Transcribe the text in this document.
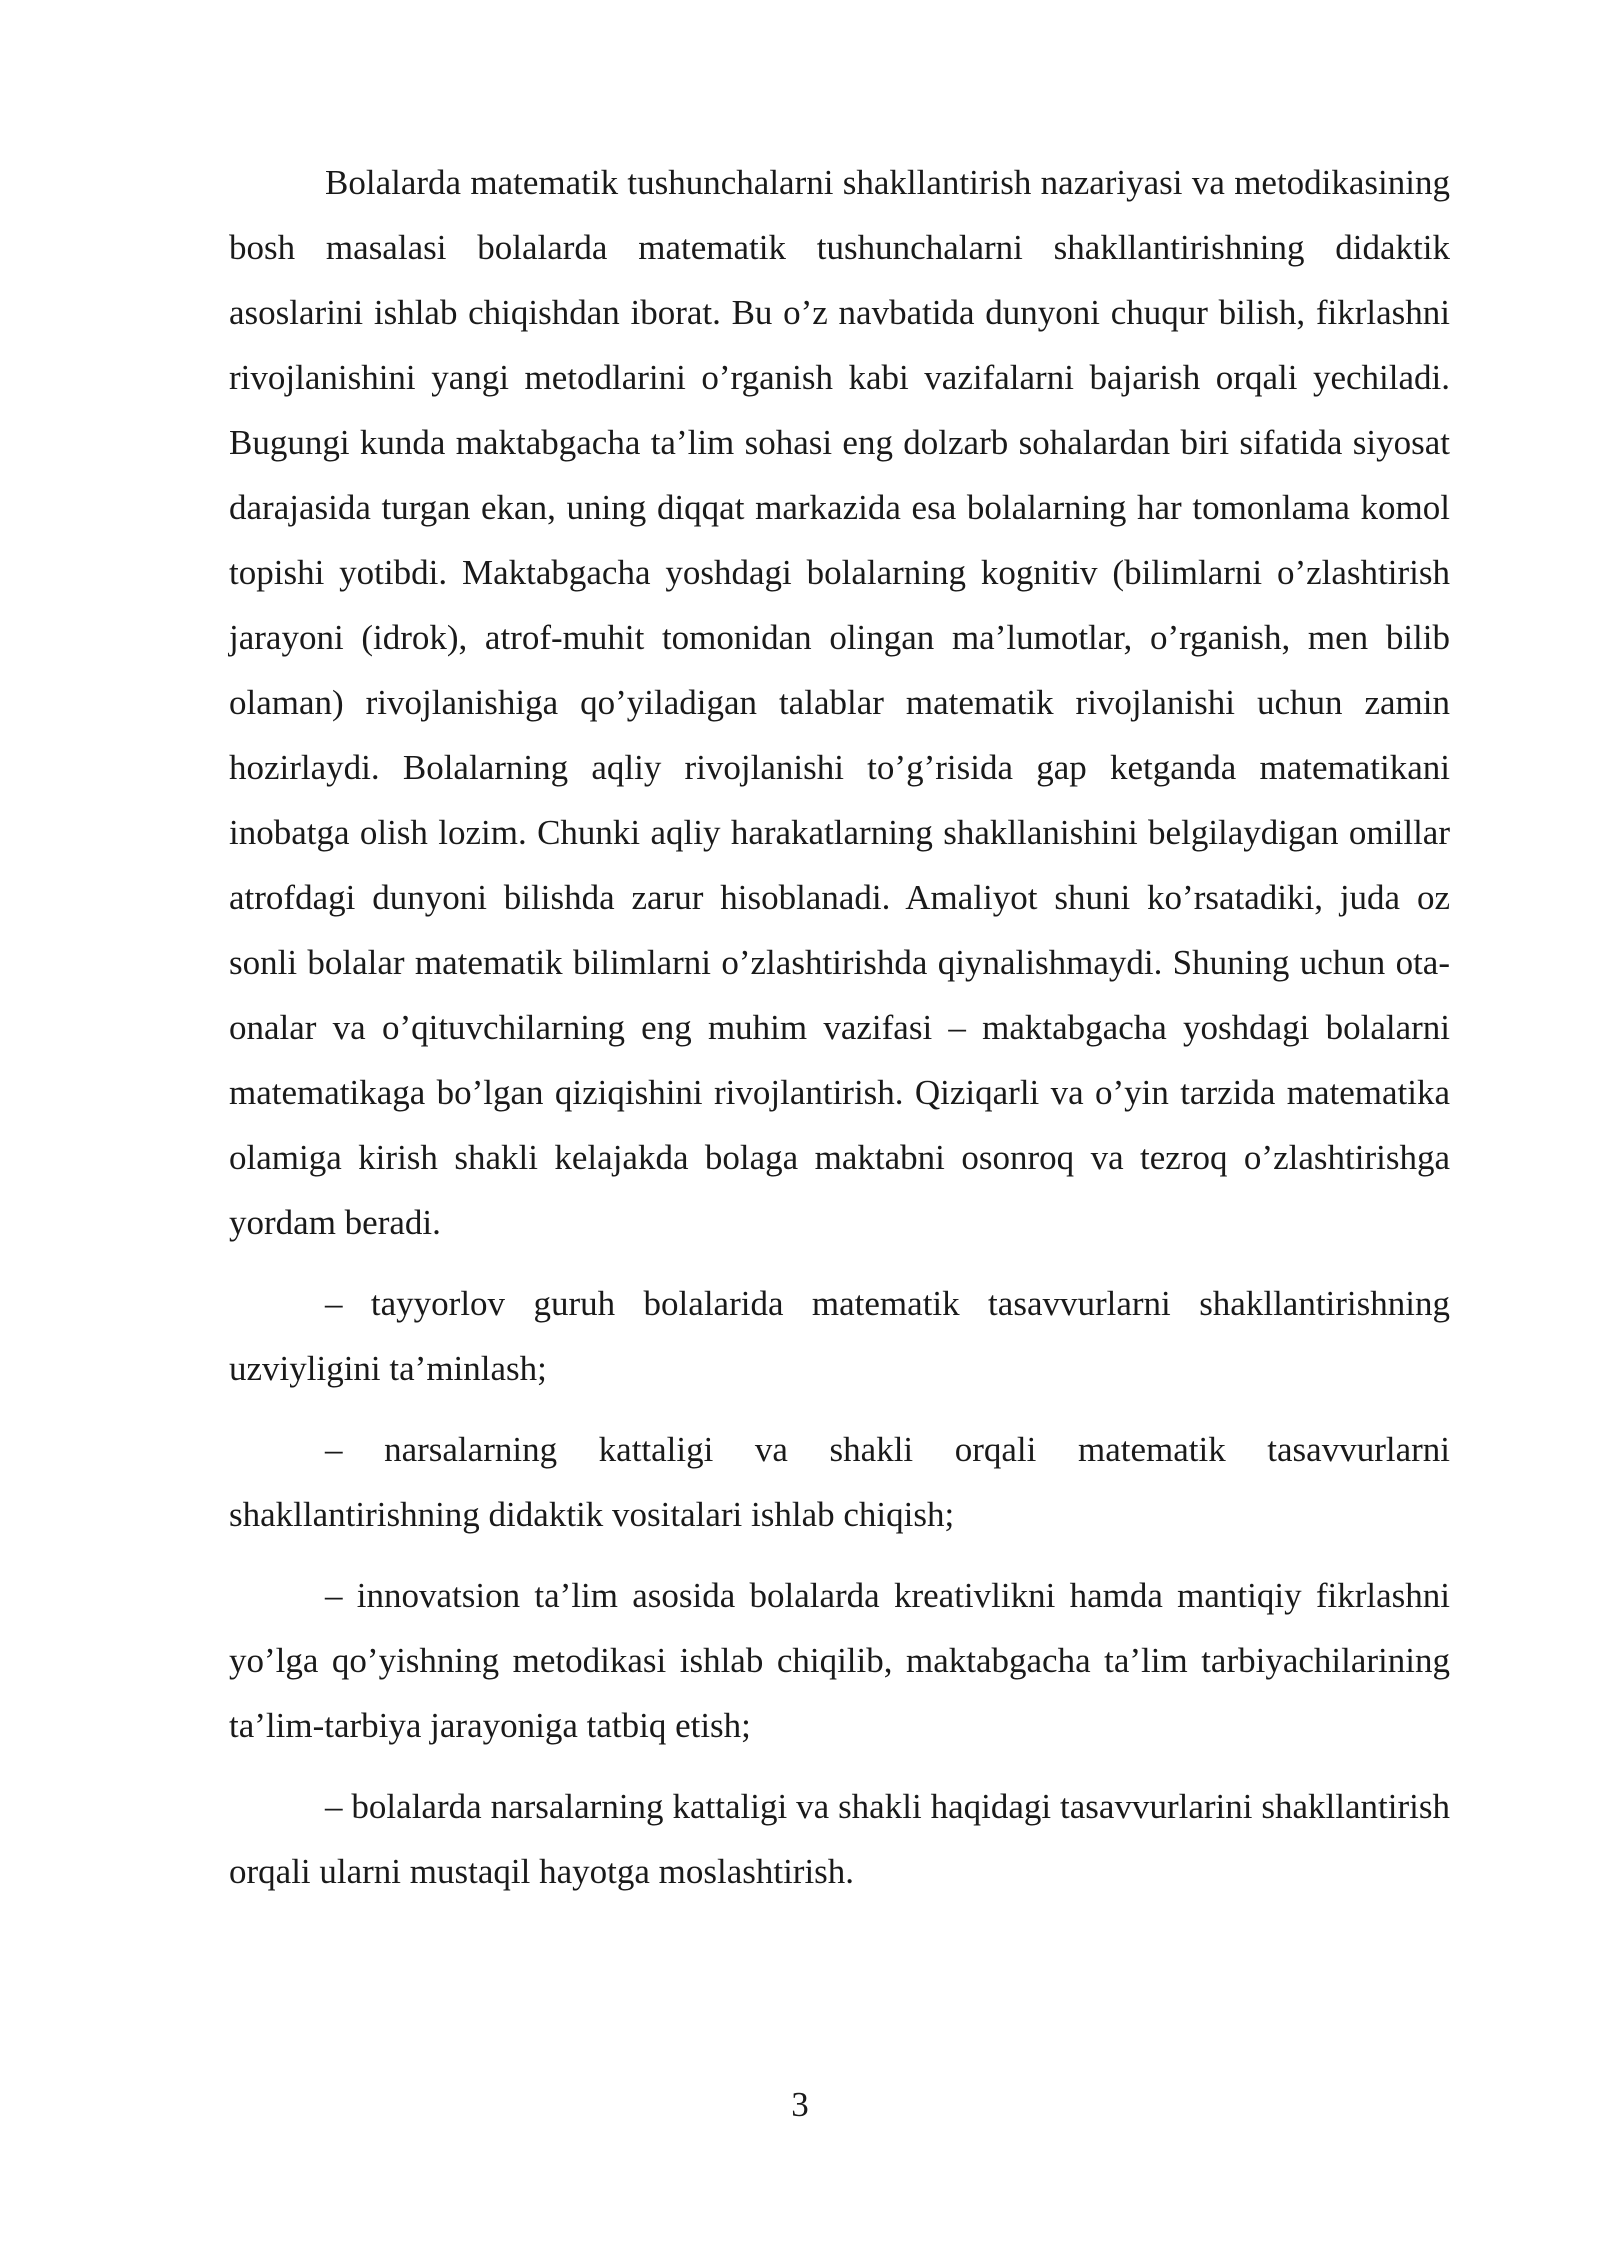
Bolalarda matematik tushunchalarni shakllantirish nazariyasi va metodikasining bosh masalasi bolalarda matematik tushunchalarni shakllantirishning didaktik asoslarini ishlab chiqishdan iborat. Bu o’z navbatida dunyoni chuqur bilish, fikrlashni rivojlanishini yangi metodlarini o’rganish kabi vazifalarni bajarish orqali yechiladi. Bugungi kunda maktabgacha ta’lim sohasi eng dolzarb sohalardan biri sifatida siyosat darajasida turgan ekan, uning diqqat markazida esa bolalarning har tomonlama komol topishi yotibdi. Maktabgacha yoshdagi bolalarning kognitiv (bilimlarni o’zlashtirish jarayoni (idrok), atrof-muhit tomonidan olingan ma’lumotlar, o’rganish, men bilib olaman) rivojlanishiga qo’yiladigan talablar matematik rivojlanishi uchun zamin hozirlaydi. Bolalarning aqliy rivojlanishi to’g’risida gap ketganda matematikani inobatga olish lozim. Chunki aqliy harakatlarning shakllanishini belgilaydigan omillar atrofdagi dunyoni bilishda zarur hisoblanadi. Amaliyot shuni ko’rsatadiki, juda oz sonli bolalar matematik bilimlarni o’zlashtirishda qiynalishmaydi. Shuning uchun ota-onalar va o’qituvchilarning eng muhim vazifasi – maktabgacha yoshdagi bolalarni matematikaga bo’lgan qiziqishini rivojlantirish. Qiziqarli va o’yin tarzida matematika olamiga kirish shakli kelajakda bolaga maktabni osonroq va tezroq o’zlashtirishga yordam beradi.

– tayyorlov guruh bolalarida matematik tasavvurlarni shakllantirishning uzviyligini ta’minlash;

– narsalarning kattaligi va shakli orqali matematik tasavvurlarni shakllantirishning didaktik vositalari ishlab chiqish;

– innovatsion ta’lim asosida bolalarda kreativlikni hamda mantiqiy fikrlashni yo’lga qo’yishning metodikasi ishlab chiqilib, maktabgacha ta’lim tarbiyachilarining ta’lim-tarbiya jarayoniga tatbiq etish;

– bolalarda narsalarning kattaligi va shakli haqidagi tasavvurlarini shakllantirish orqali ularni mustaqil hayotga moslashtirish.

3
